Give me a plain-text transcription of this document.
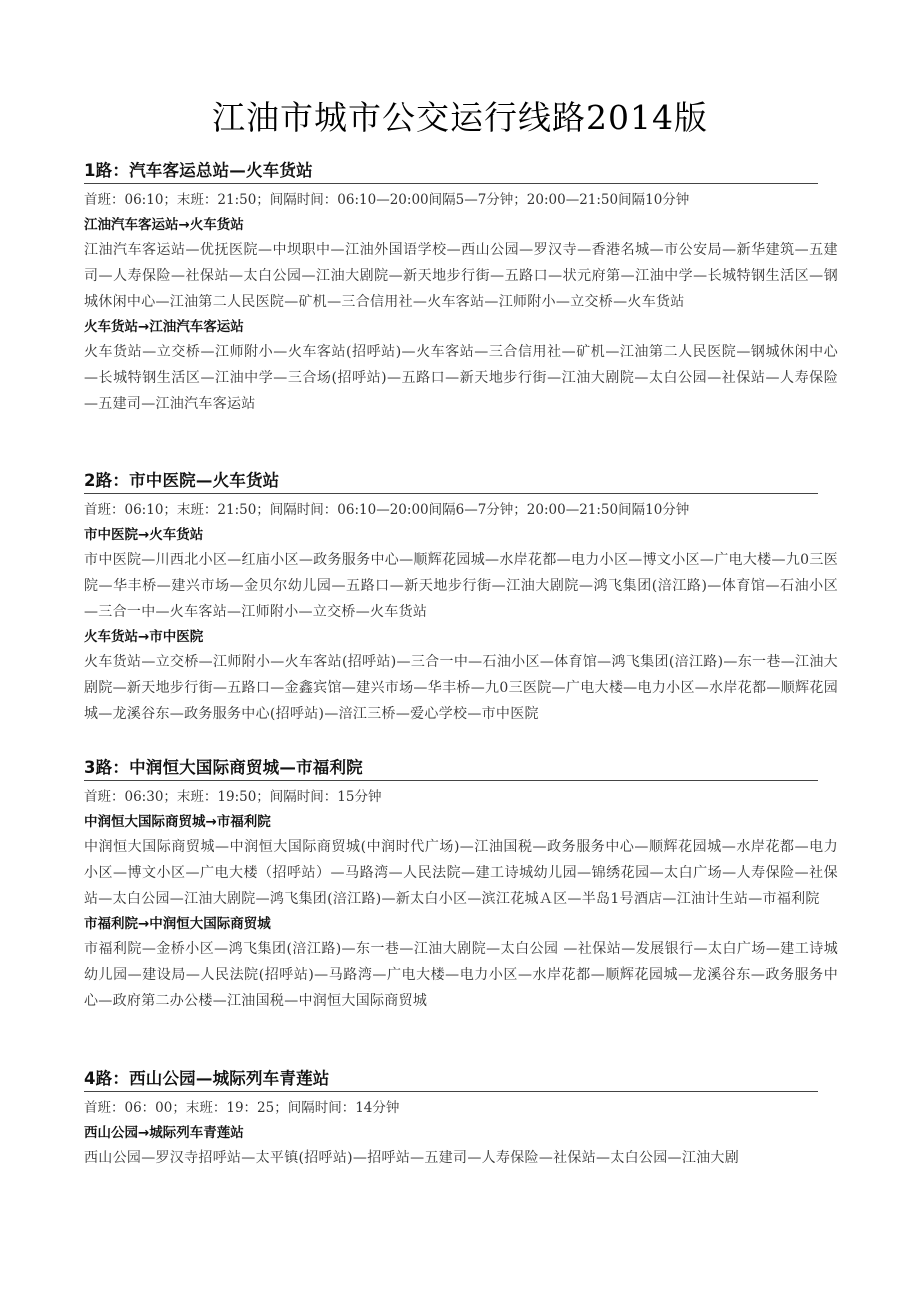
江油市城市公交运行线路2014版
1路：汽车客运总站—火车货站
首班：06:10；末班：21:50；间隔时间：06:10—20:00间隔5—7分钟；20:00—21:50间隔10分钟
江油汽车客运站→火车货站
江油汽车客运站—优抚医院—中坝职中—江油外国语学校—西山公园—罗汉寺—香港名城—市公安局—新华建筑—五建司—人寿保险—社保站—太白公园—江油大剧院—新天地步行街—五路口—状元府第—江油中学—长城特钢生活区—钢城休闲中心—江油第二人民医院—矿机—三合信用社—火车客站—江师附小—立交桥—火车货站
火车货站→江油汽车客运站
火车货站—立交桥—江师附小—火车客站(招呼站)—火车客站—三合信用社—矿机—江油第二人民医院—钢城休闲中心—长城特钢生活区—江油中学—三合场(招呼站)—五路口—新天地步行街—江油大剧院—太白公园—社保站—人寿保险—五建司—江油汽车客运站
2路：市中医院—火车货站
首班：06:10；末班：21:50；间隔时间：06:10—20:00间隔6—7分钟；20:00—21:50间隔10分钟
市中医院→火车货站
市中医院—川西北小区—红庙小区—政务服务中心—顺辉花园城—水岸花都—电力小区—博文小区—广电大楼—九0三医院—华丰桥—建兴市场—金贝尔幼儿园—五路口—新天地步行街—江油大剧院—鸿飞集团(涪江路)—体育馆—石油小区—三合一中—火车客站—江师附小—立交桥—火车货站
火车货站→市中医院
火车货站—立交桥—江师附小—火车客站(招呼站)—三合一中—石油小区—体育馆—鸿飞集团(涪江路)—东一巷—江油大剧院—新天地步行街—五路口—金鑫宾馆—建兴市场—华丰桥—九0三医院—广电大楼—电力小区—水岸花都—顺辉花园城—龙溪谷东—政务服务中心(招呼站)—涪江三桥—爱心学校—市中医院
3路：中润恒大国际商贸城—市福利院
首班：06:30；末班：19:50；间隔时间：15分钟
中润恒大国际商贸城→市福利院
中润恒大国际商贸城—中润恒大国际商贸城(中润时代广场)—江油国税—政务服务中心—顺辉花园城—水岸花都—电力小区—博文小区—广电大楼（招呼站）—马路湾—人民法院—建工诗城幼儿园—锦绣花园—太白广场—人寿保险—社保站—太白公园—江油大剧院—鸿飞集团(涪江路)—新太白小区—滨江花城Ａ区—半岛1号酒店—江油计生站—市福利院
市福利院→中润恒大国际商贸城
市福利院—金桥小区—鸿飞集团(涪江路)—东一巷—江油大剧院—太白公园 —社保站—发展银行—太白广场—建工诗城幼儿园—建设局—人民法院(招呼站)—马路湾—广电大楼—电力小区—水岸花都—顺辉花园城—龙溪谷东—政务服务中心—政府第二办公楼—江油国税—中润恒大国际商贸城
4路：西山公园—城际列车青莲站
首班：06：00；末班：19：25；间隔时间：14分钟
西山公园→城际列车青莲站
西山公园—罗汉寺招呼站—太平镇(招呼站)—招呼站—五建司—人寿保险—社保站—太白公园—江油大剧
